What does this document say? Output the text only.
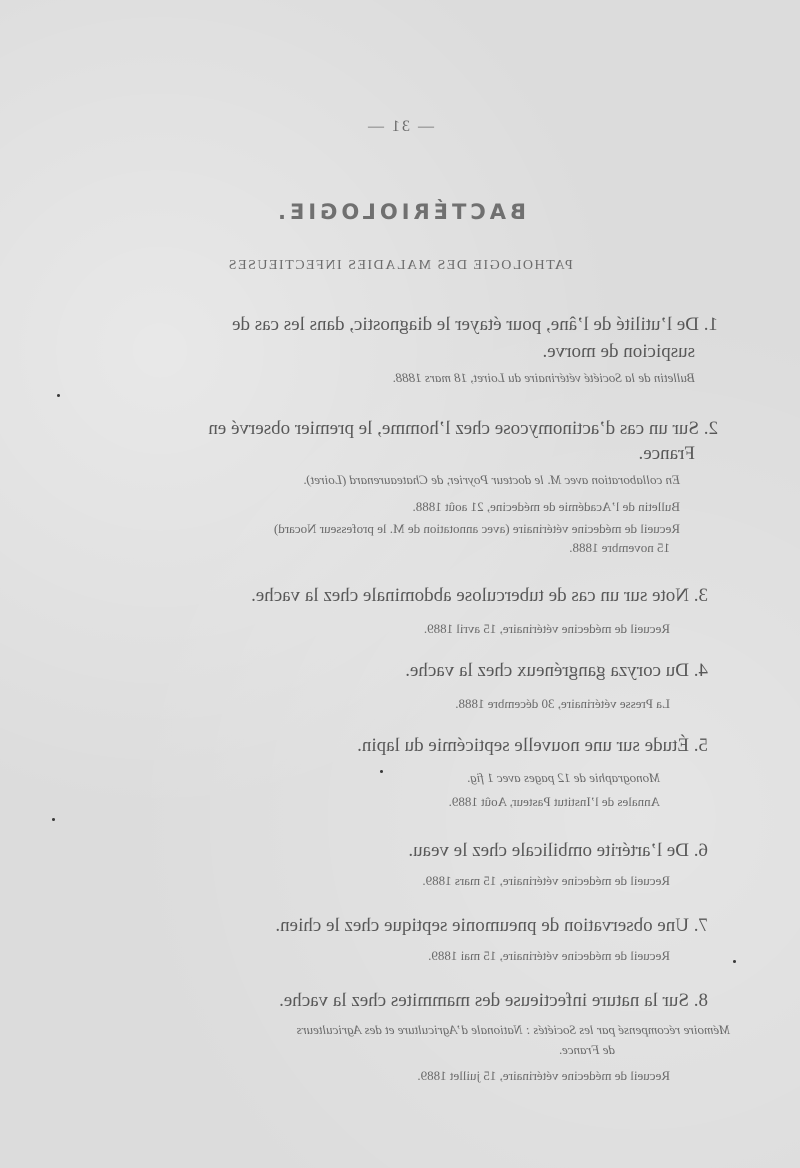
— 31 —
BACTÉRIOLOGIE.
PATHOLOGIE DES MALADIES INFECTIEUSES
1. De l’utilité de l’âne, pour étayer le diagnostic, dans les cas de
suspicion de morve.
Bulletin de la Société vétérinaire du Loiret, 18 mars 1888.
2. Sur un cas d’actinomycose chez l’homme, le premier observé en
France.
En collaboration avec M. le docteur Poyrier, de Chateaurenard (Loiret).
Bulletin de l’Académie de médecine, 21 août 1888.
Recueil de médecine vétérinaire (avec annotation de M. le professeur Nocard)
15 novembre 1888.
3. Note sur un cas de tuberculose abdominale chez la vache.
Recueil de médecine vétérinaire, 15 avril 1889.
4. Du coryza gangréneux chez la vache.
La Presse vétérinaire, 30 décembre 1888.
5. Étude sur une nouvelle septicémie du lapin.
Monographie de 12 pages avec 1 fig.
Annales de l’Institut Pasteur, Août 1889.
6. De l’artérite ombilicale chez le veau.
Recueil de médecine vétérinaire, 15 mars 1889.
7. Une observation de pneumonie septique chez le chien.
Recueil de médecine vétérinaire, 15 mai 1889.
8. Sur la nature infectieuse des mammites chez la vache.
Mémoire récompensé par les Sociétés : Nationale d’Agriculture et des Agriculteurs
de France.
Recueil de médecine vétérinaire, 15 juillet 1889.
